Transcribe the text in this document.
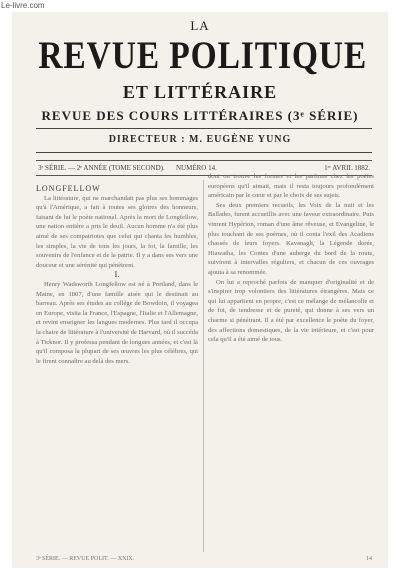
Le-livre.com
LA
REVUE POLITIQUE
ET LITTÉRAIRE
REVUE DES COURS LITTÉRAIRES (3ᵉ SÉRIE)
DIRECTEUR : M. EUGÈNE YUNG
3ᵉ SÉRIE. — 2ᵉ ANNÉE (TOME SECOND). NUMÉRO 14.	1ᵉʳ AVRIL 1882.

LONGFELLOW

La littérature, qui ne marchandait pas plus ses hommages qu'à l'Amérique, a fait à toutes ses gloires des honneurs, faisant de lui le poète national. Après la mort de Longfellow, une nation entière a pris le deuil. Aucun homme n'a été plus aimé de ses compatriotes que celui qui chanta les humbles, les simples, la vie de tous les jours, la foi, la famille, les souvenirs de l'enfance et de la patrie. Il y a dans ses vers une douceur et une sérénité qui pénètrent.

I.

Henry Wadsworth Longfellow est né à Portland, dans le Maine, en 1807, d'une famille aisée qui le destinait au barreau. Après ses études au collège de Bowdoin, il voyagea en Europe, visita la France, l'Espagne, l'Italie et l'Allemagne, et revint enseigner les langues modernes. Plus tard il occupa la chaire de littérature à l'université de Harvard, où il succéda à Ticknor. Il y professa pendant de longues années, et c'est là qu'il composa la plupart de ses œuvres les plus célèbres, qui le firent connaître au delà des mers.

dont on trouve les formes et les parfums chez les poètes européens qu'il aimait, mais il resta toujours profondément américain par le cœur et par le choix de ses sujets.

Ses deux premiers recueils, les Voix de la nuit et les Ballades, furent accueillis avec une faveur extraordinaire. Puis vinrent Hypérion, roman d'une âme rêveuse, et Evangeline, le plus touchant de ses poèmes, où il conta l'exil des Acadiens chassés de leurs foyers. Kavanagh, la Légende dorée, Hiawatha, les Contes d'une auberge du bord de la route, suivirent à intervalles réguliers, et chacun de ces ouvrages ajouta à sa renommée.

On lui a reproché parfois de manquer d'originalité et de s'inspirer trop volontiers des littératures étrangères. Mais ce qui lui appartient en propre, c'est ce mélange de mélancolie et de foi, de tendresse et de pureté, qui donne à ses vers un charme si pénétrant. Il a été par excellence le poète du foyer, des affections domestiques, de la vie intérieure, et c'est pour cela qu'il a été aimé de tous.

3ᵉ SÉRIE. — REVUE POLIT. — XXIX.	14
